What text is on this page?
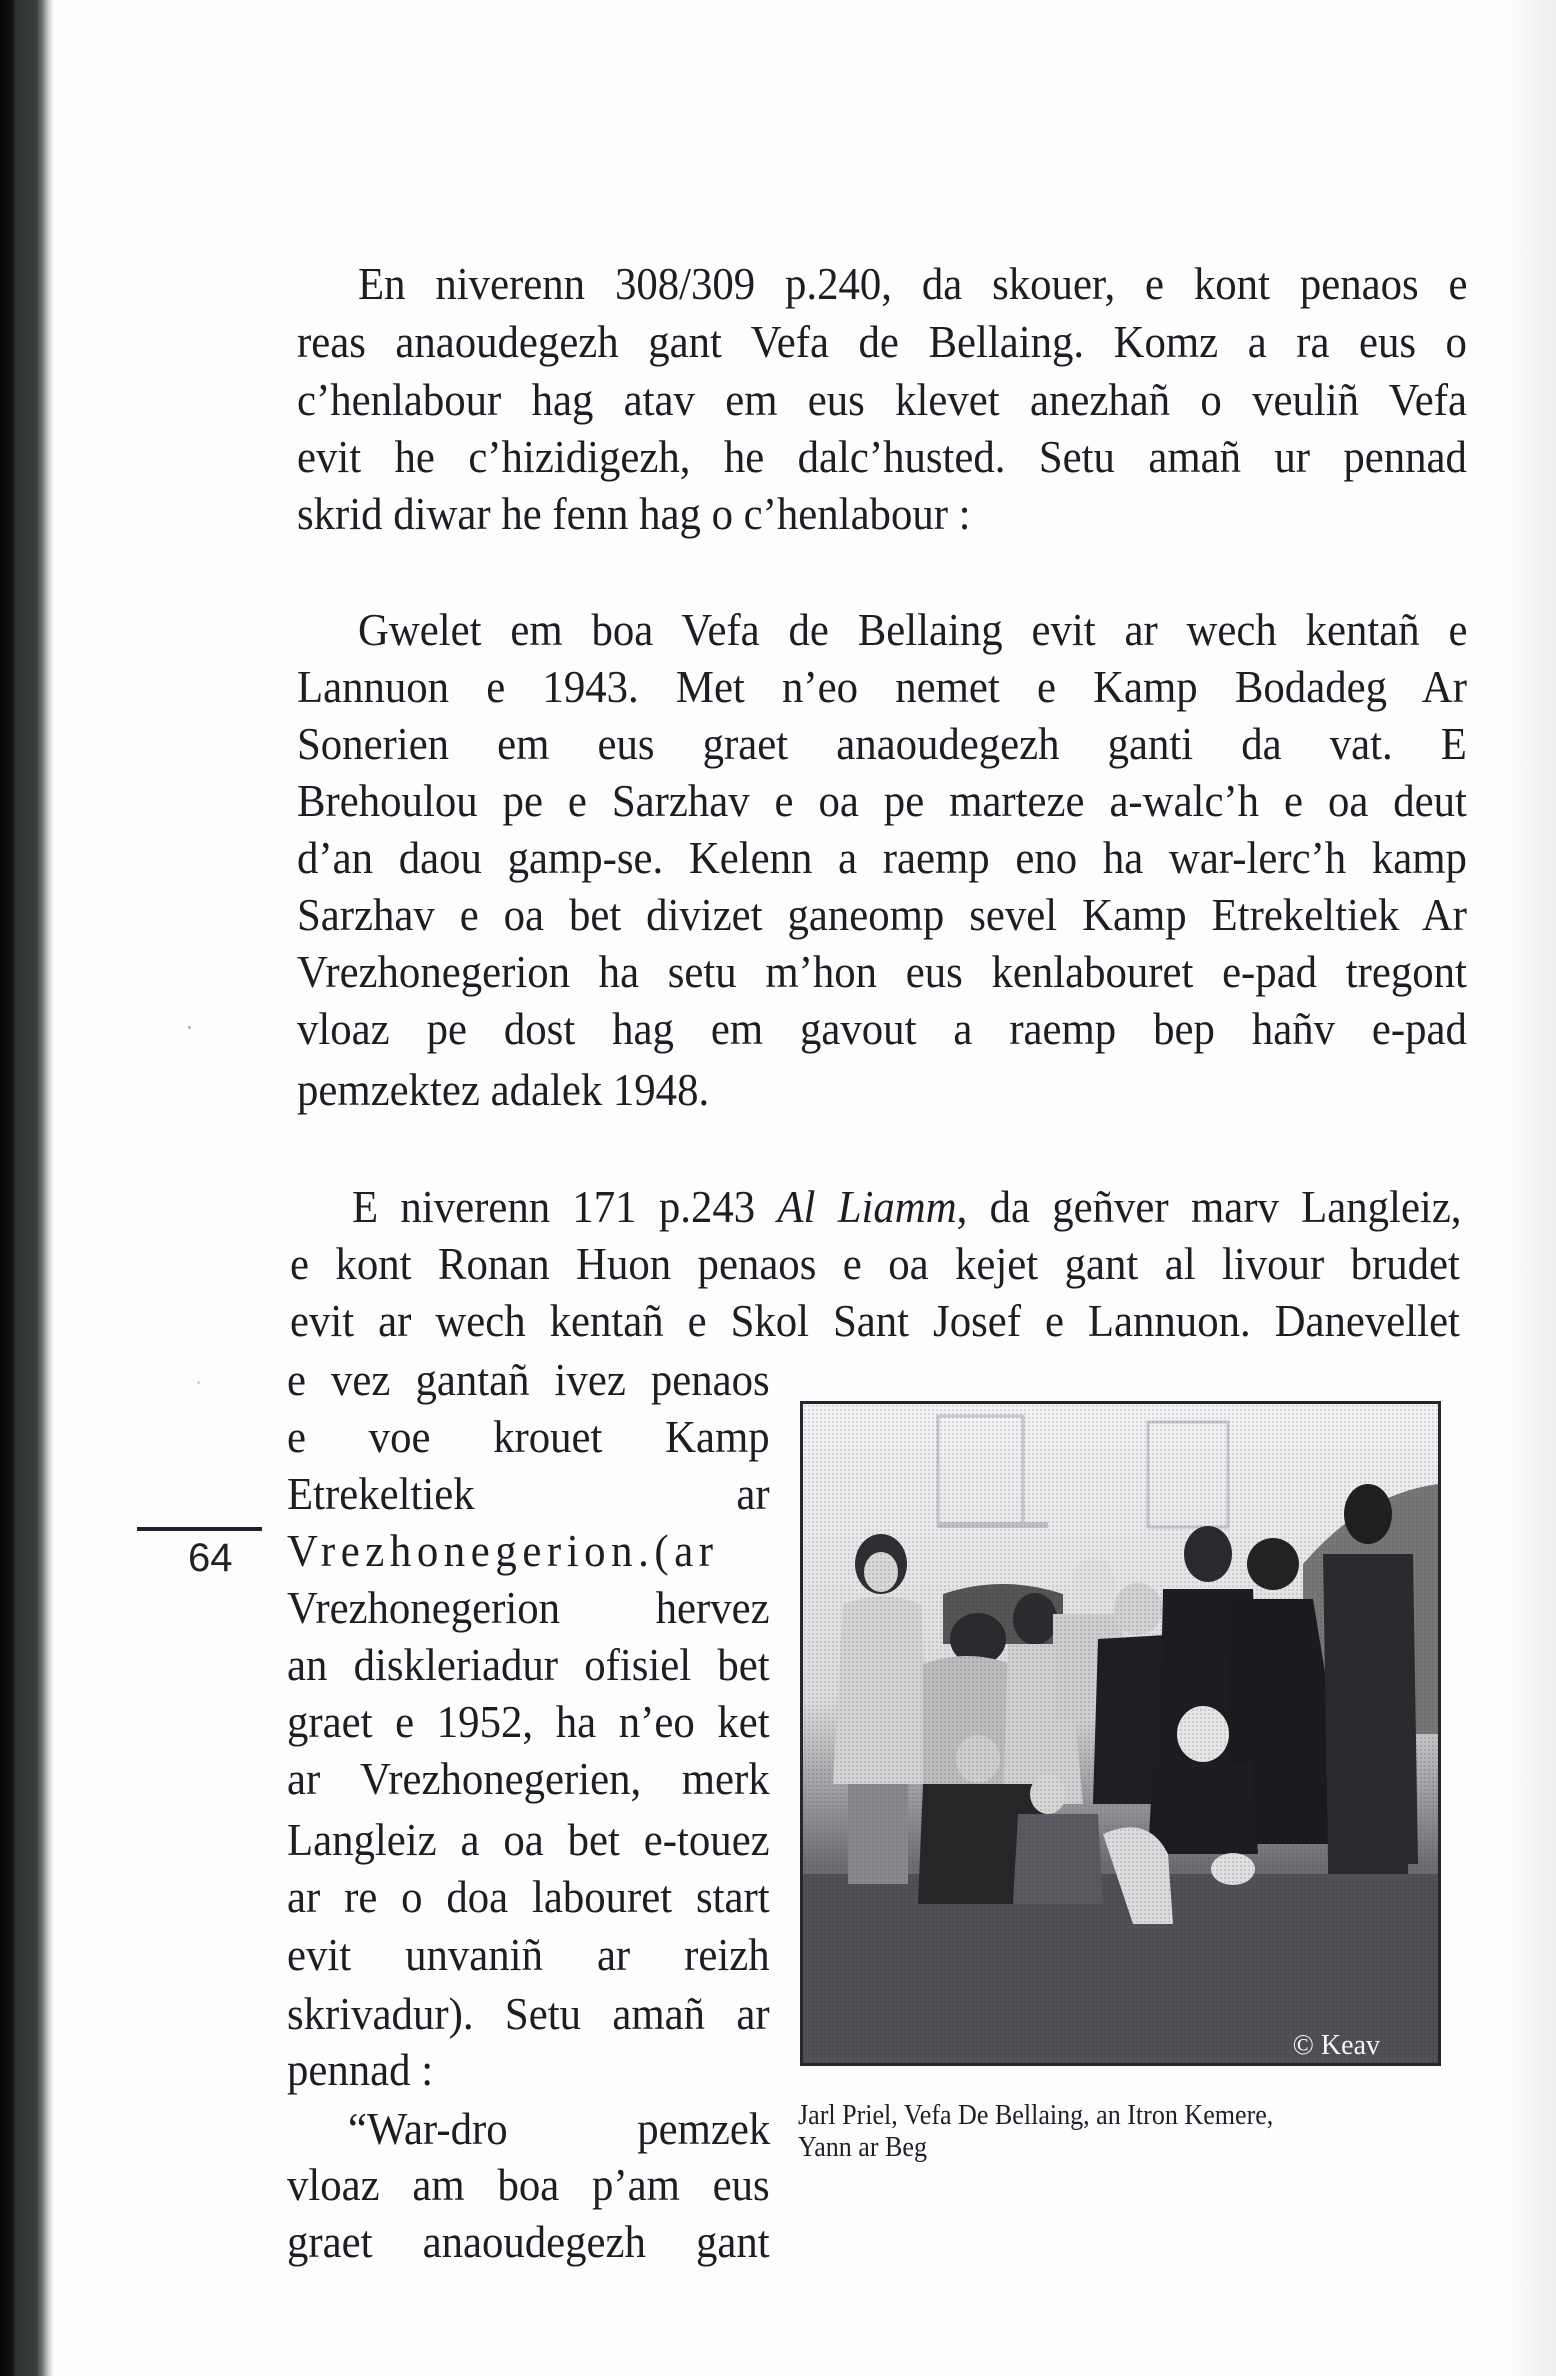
En niverenn 308/309 p.240, da skouer, e kont penaos e
reas anaoudegezh gant Vefa de Bellaing. Komz a ra eus o
c’henlabour hag atav em eus klevet anezhañ o veuliñ Vefa
evit he c’hizidigezh, he dalc’husted. Setu amañ ur pennad
skrid diwar he fenn hag o c’henlabour :
Gwelet em boa Vefa de Bellaing evit ar wech kentañ e
Lannuon e 1943. Met n’eo nemet e Kamp Bodadeg Ar
Sonerien em eus graet anaoudegezh ganti da vat. E
Brehoulou pe e Sarzhav e oa pe marteze a-walc’h e oa deut
d’an daou gamp-se. Kelenn a raemp eno ha war-lerc’h kamp
Sarzhav e oa bet divizet ganeomp sevel Kamp Etrekeltiek Ar
Vrezhonegerion ha setu m’hon eus kenlabouret e-pad tregont
vloaz pe dost hag em gavout a raemp bep hañv e-pad
pemzektez adalek 1948.
E niverenn 171 p.243 Al Liamm, da geñver marv Langleiz,
e kont Ronan Huon penaos e oa kejet gant al livour brudet
evit ar wech kentañ e Skol Sant Josef e Lannuon. Danevellet
e vez gantañ ivez penaos
e voe krouet Kamp
Etrekeltiek ar
Vrezhonegerion.(ar
Vrezhonegerion hervez
an diskleriadur ofisiel bet
graet e 1952, ha n’eo ket
ar Vrezhonegerien, merk
Langleiz a oa bet e-touez
ar re o doa labouret start
evit unvaniñ ar reizh
skrivadur). Setu amañ ar
pennad :
“War-dro pemzek
vloaz am boa p’am eus
graet anaoudegezh gant
64
© Keav
Jarl Priel, Vefa De Bellaing, an Itron Kemere,
Yann ar Beg
